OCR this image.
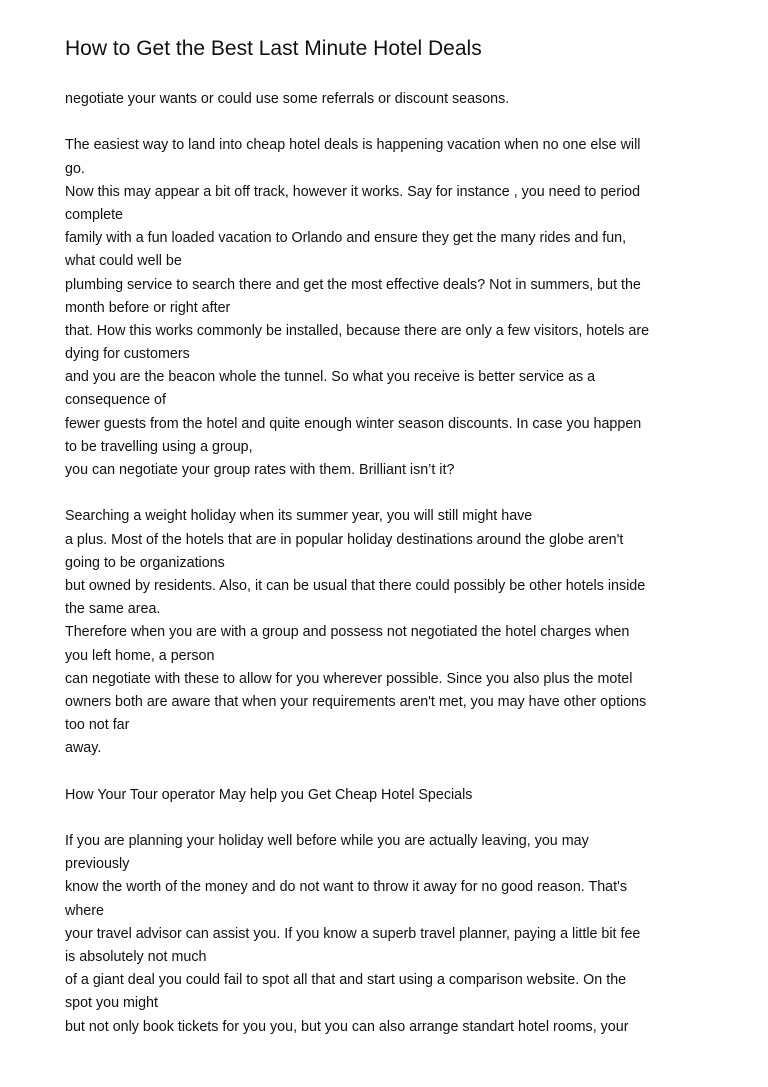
How to Get the Best Last Minute Hotel Deals
negotiate your wants or could use some referrals or discount seasons.
The easiest way to land into cheap hotel deals is happening vacation when no one else will
go.
Now this may appear a bit off track, however it works. Say for instance , you need to period
complete
family with a fun loaded vacation to Orlando and ensure they get the many rides and fun,
what could well be
plumbing service to search there and get the most effective deals? Not in summers, but the
month before or right after
that. How this works commonly be installed, because there are only a few visitors, hotels are
dying for customers
and you are the beacon whole the tunnel. So what you receive is better service as a
consequence of
fewer guests from the hotel and quite enough winter season discounts. In case you happen
to be travelling using a group,
you can negotiate your group rates with them. Brilliant isn’t it?
Searching a weight holiday when its summer year, you will still might have
a plus. Most of the hotels that are in popular holiday destinations around the globe aren't
going to be organizations
but owned by residents. Also, it can be usual that there could possibly be other hotels inside
the same area.
Therefore when you are with a group and possess not negotiated the hotel charges when
you left home, a person
can negotiate with these to allow for you wherever possible. Since you also plus the motel
owners both are aware that when your requirements aren't met, you may have other options
too not far
away.
How Your Tour operator May help you Get Cheap Hotel Specials
If you are planning your holiday well before while you are actually leaving, you may
previously
know the worth of the money and do not want to throw it away for no good reason. That's
where
your travel advisor can assist you. If you know a superb travel planner, paying a little bit fee
is absolutely not much
of a giant deal you could fail to spot all that and start using a comparison website. On the
spot you might
but not only book tickets for you you, but you can also arrange standart hotel rooms, your
